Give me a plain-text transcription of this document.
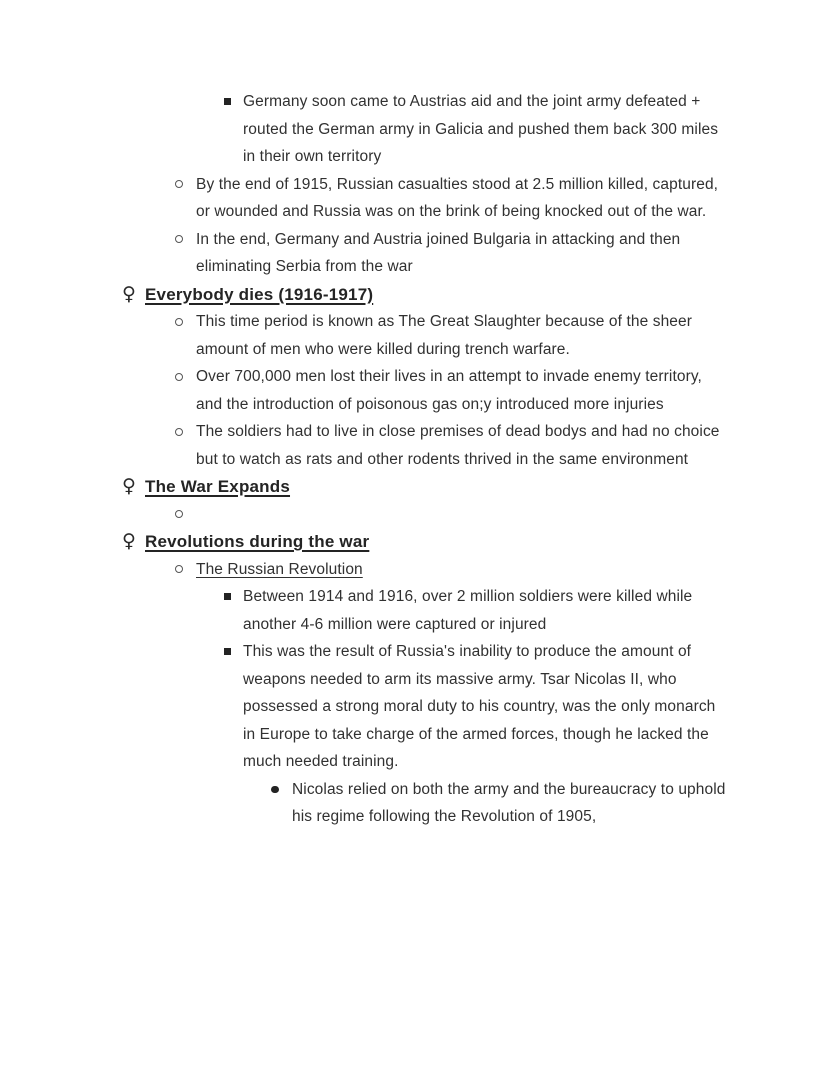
Germany soon came to Austrias aid and the joint army defeated + routed the German army in Galicia and pushed them back 300 miles in their own territory
By the end of 1915, Russian casualties stood at 2.5 million killed, captured, or wounded and Russia was on the brink of being knocked out of the war.
In the end, Germany and Austria joined Bulgaria in attacking and then eliminating Serbia from the war
♀ Everybody dies (1916-1917)
This time period is known as The Great Slaughter because of the sheer amount of men who were killed during trench warfare.
Over 700,000 men lost their lives in an attempt to invade enemy territory, and the introduction of poisonous gas on;y introduced more injuries
The soldiers had to live in close premises of dead bodys and had no choice but to watch as rats and other rodents thrived in the same environment
♀ The War Expands
♀ Revolutions during the war
The Russian Revolution
Between 1914 and 1916, over 2 million soldiers were killed while another 4-6 million were captured or injured
This was the result of Russia's inability to produce the amount of weapons needed to arm its massive army. Tsar Nicolas II, who possessed a strong moral duty to his country, was the only monarch in Europe to take charge of the armed forces, though he lacked the much needed training.
Nicolas relied on both the army and the bureaucracy to uphold his regime following the Revolution of 1905,
